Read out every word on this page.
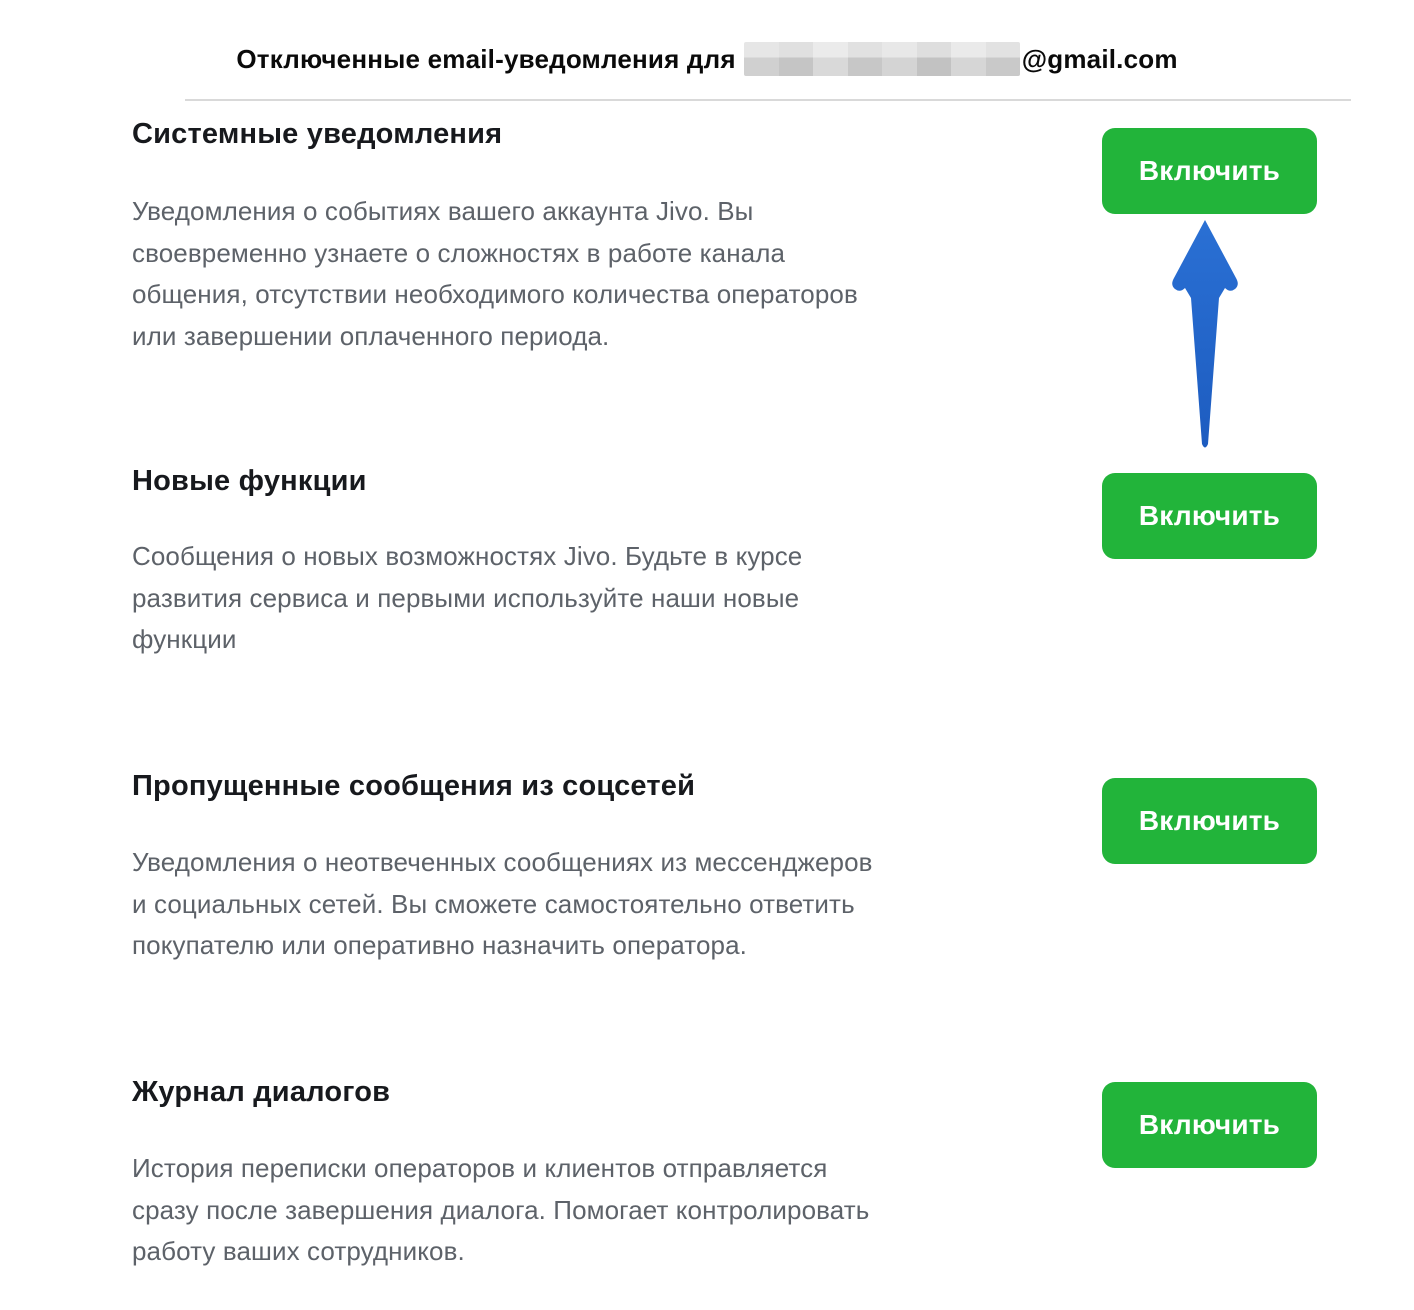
Отключенные email-уведомления для	@gmail.com
Системные уведомления
Уведомления о событиях вашего аккаунта Jivo. Вы
своевременно узнаете о сложностях в работе канала
общения, отсутствии необходимого количества операторов
или завершении оплаченного периода.
Включить
Новые функции
Сообщения о новых возможностях Jivo. Будьте в курсе
развития сервиса и первыми используйте наши новые
функции
Включить
Пропущенные сообщения из соцсетей
Уведомления о неотвеченных сообщениях из мессенджеров
и социальных сетей. Вы сможете самостоятельно ответить
покупателю или оперативно назначить оператора.
Включить
Журнал диалогов
История переписки операторов и клиентов отправляется
сразу после завершения диалога. Помогает контролировать
работу ваших сотрудников.
Включить
